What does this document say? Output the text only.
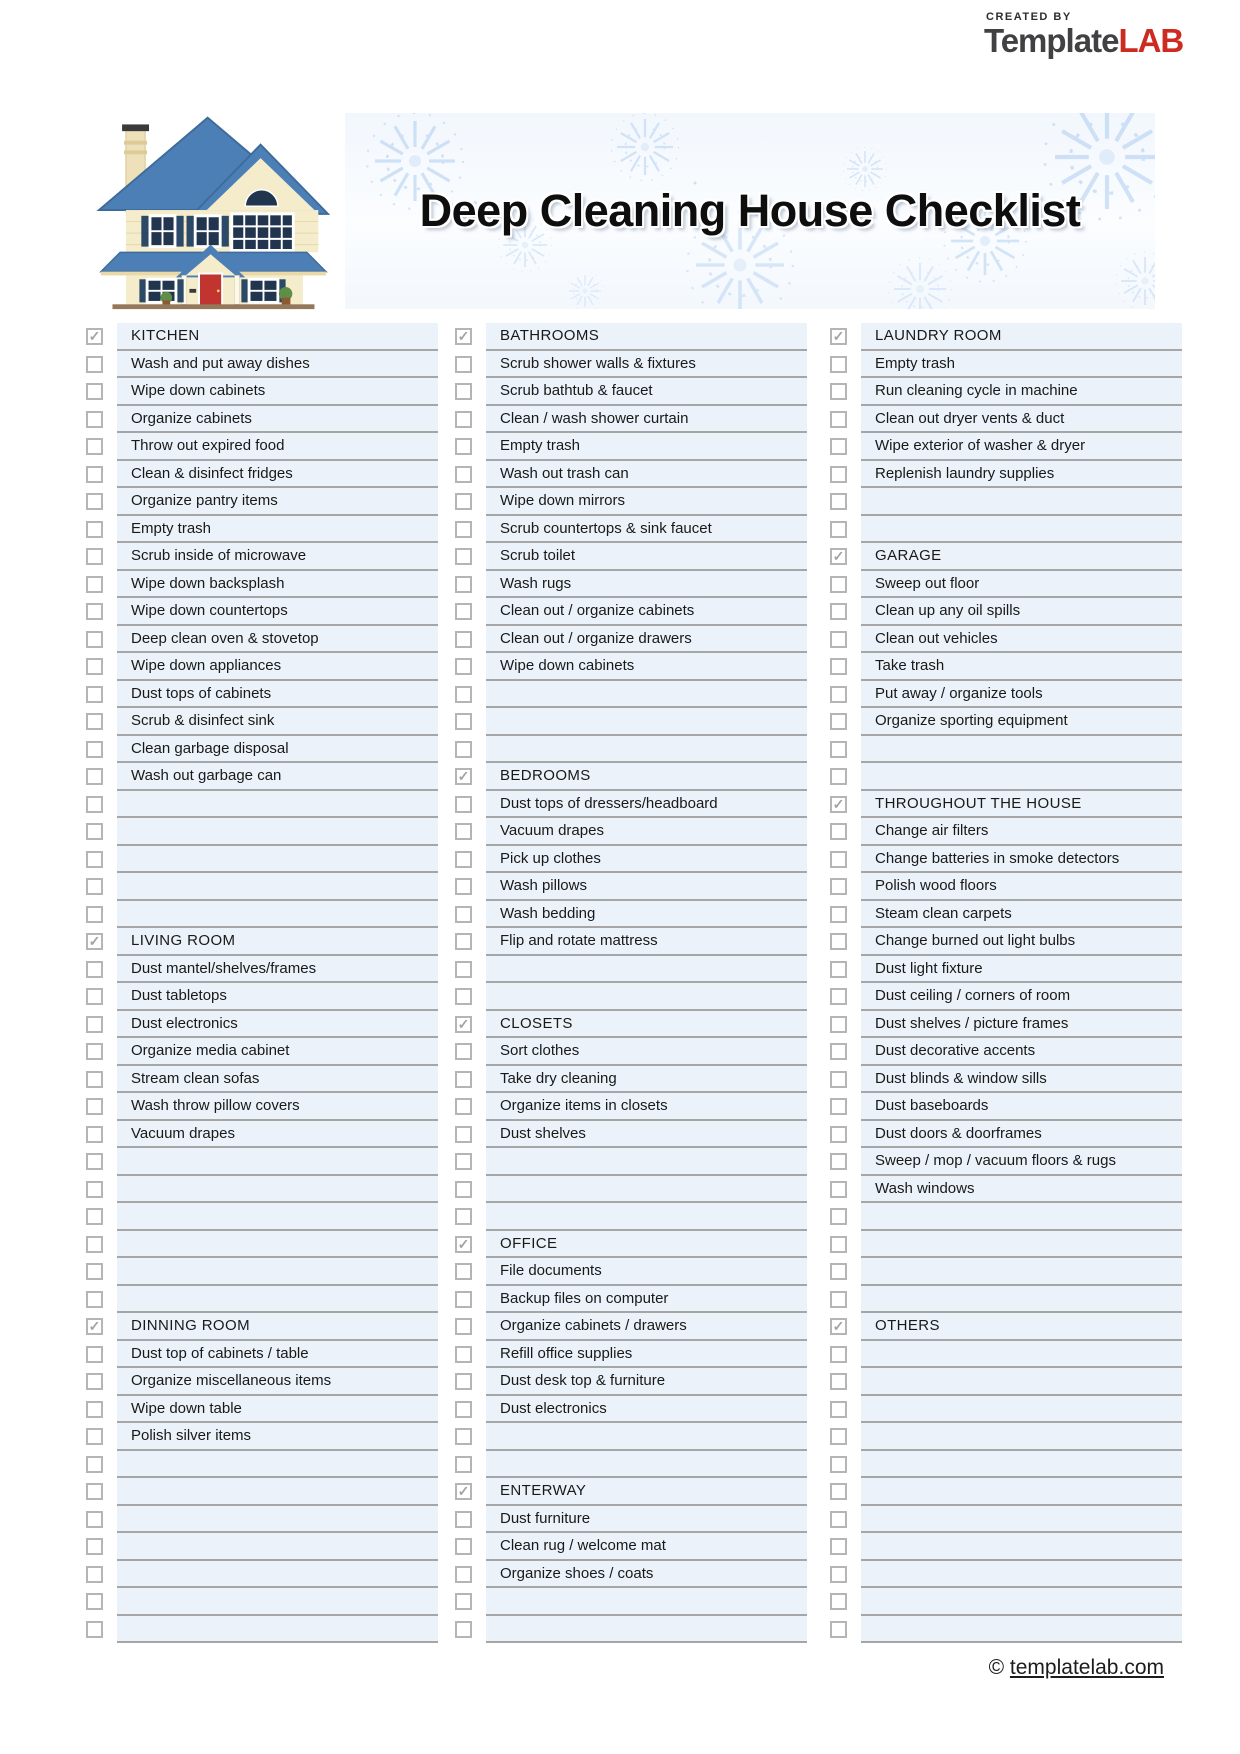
CREATED BY
TemplateLAB
Deep Cleaning House Checklist
✓	KITCHEN
Wash and put away dishes
Wipe down cabinets
Organize cabinets
Throw out expired food
Clean & disinfect fridges
Organize pantry items
Empty trash
Scrub inside of microwave
Wipe down backsplash
Wipe down countertops
Deep clean oven & stovetop
Wipe down appliances
Dust tops of cabinets
Scrub & disinfect sink
Clean garbage disposal
Wash out garbage can
✓	LIVING ROOM
Dust mantel/shelves/frames
Dust tabletops
Dust electronics
Organize media cabinet
Stream clean sofas
Wash throw pillow covers
Vacuum drapes
✓	DINNING ROOM
Dust top of cabinets / table
Organize miscellaneous items
Wipe down table
Polish silver items
✓	BATHROOMS
Scrub shower walls & fixtures
Scrub bathtub & faucet
Clean / wash shower curtain
Empty trash
Wash out trash can
Wipe down mirrors
Scrub countertops & sink faucet
Scrub toilet
Wash rugs
Clean out / organize cabinets
Clean out / organize drawers
Wipe down cabinets
✓	BEDROOMS
Dust tops of dressers/headboard
Vacuum drapes
Pick up clothes
Wash pillows
Wash bedding
Flip and rotate mattress
✓	CLOSETS
Sort clothes
Take dry cleaning
Organize items in closets
Dust shelves
✓	OFFICE
File documents
Backup files on computer
Organize cabinets / drawers
Refill office supplies
Dust desk top & furniture
Dust electronics
✓	ENTERWAY
Dust furniture
Clean rug / welcome mat
Organize shoes / coats
✓	LAUNDRY ROOM
Empty trash
Run cleaning cycle in machine
Clean out dryer vents & duct
Wipe exterior of washer & dryer
Replenish laundry supplies
✓	GARAGE
Sweep out floor
Clean up any oil spills
Clean out vehicles
Take trash
Put away / organize tools
Organize sporting equipment
✓	THROUGHOUT THE HOUSE
Change air filters
Change batteries in smoke detectors
Polish wood floors
Steam clean carpets
Change burned out light bulbs
Dust light fixture
Dust ceiling / corners of room
Dust shelves / picture frames
Dust decorative accents
Dust blinds & window sills
Dust baseboards
Dust doors & doorframes
Sweep / mop / vacuum floors & rugs
Wash windows
✓	OTHERS
© templatelab.com
